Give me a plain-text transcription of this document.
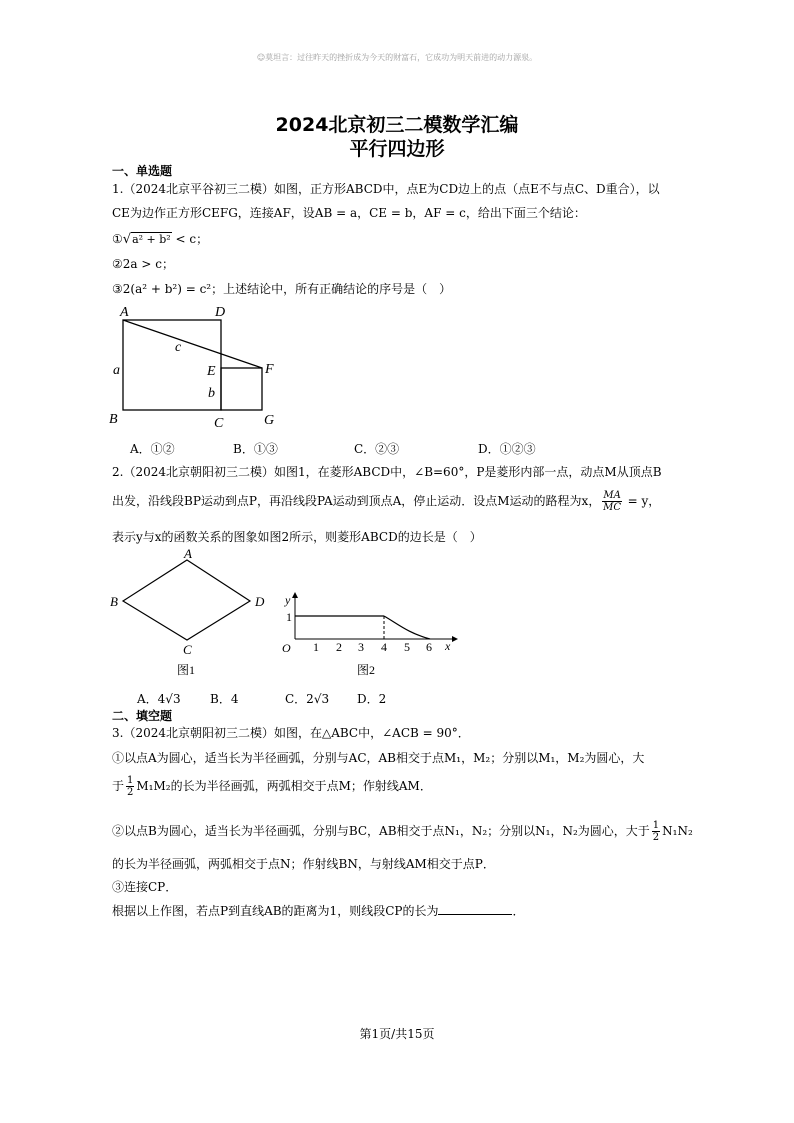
☺莫坦言：过往昨天的挫折成为今天的财富石，它成功为明天前进的动力源泉。
2024北京初三二模数学汇编
平行四边形
一、单选题
1.（2024北京平谷初三二模）如图，正方形ABCD中，点E为CD边上的点（点E不与点C、D重合），以
CE为边作正方形CEFG，连接AF，设AB = a，CE = b，AF = c，给出下面三个结论：
①√a² + b² < c；
②2a > c；
③2(a² + b²) = c²；上述结论中，所有正确结论的序号是（　）
A	D
B	C
E	F
G
a
b
c
A．①②	B．①③	C．②③	D．①②③
2.（2024北京朝阳初三二模）如图1，在菱形ABCD中，∠B=60°，P是菱形内部一点，动点M从顶点B
出发，沿线段BP运动到点P，再沿线段PA运动到顶点A，停止运动．设点M运动的路程为x， $\frac{MA}{MC} = y$，
表示y与x的函数关系的图象如图2所示，则菱形ABCD的边长是（　）
A
B
C
D
图1
y
x
O
1
1 2 3 4 5 6
图2
A．4√3 B．4	C．2√3 D．2
二、填空题
3.（2024北京朝阳初三二模）如图，在△ABC中，∠ACB = 90°．
①以点A为圆心，适当长为半径画弧，分别与AC，AB相交于点M₁，M₂；分别以M₁，M₂为圆心，大
于 $\frac{1}{2} M_1M_2$的长为半径画弧，两弧相交于点M；作射线AM．
②以点B为圆心，适当长为半径画弧，分别与BC，AB相交于点N₁，N₂；分别以N₁，N₂为圆心，大于 $\frac{1}{2} N_1N_2$
的长为半径画弧，两弧相交于点N；作射线BN，与射线AM相交于点P．
③连接CP．
根据以上作图，若点P到直线AB的距离为1，则线段CP的长为	．
第1页/共15页
